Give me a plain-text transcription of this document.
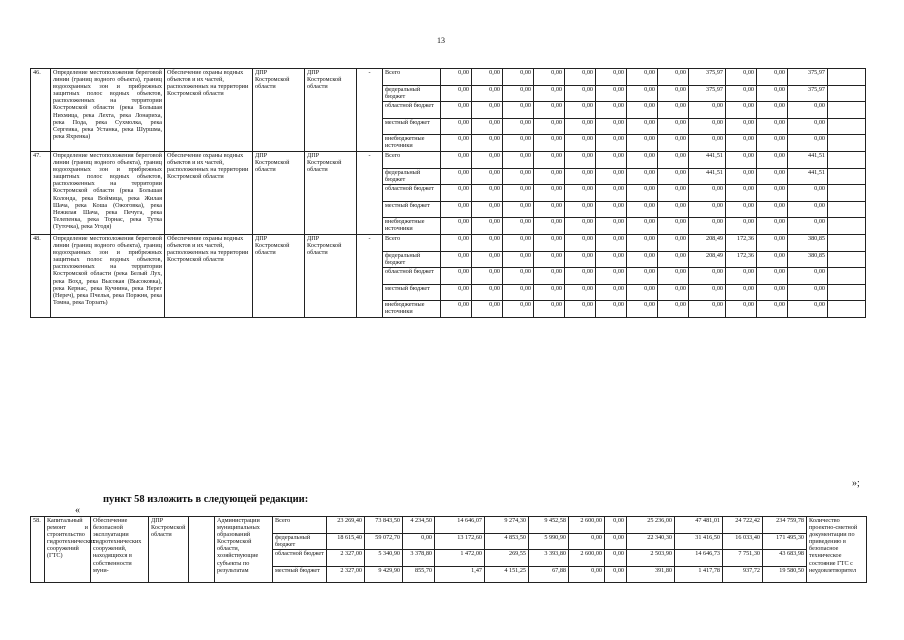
13
46.	Определение местоположения береговой линии (границ водного объекта), границ водоохранных зон и прибрежных защитных полос водных объектов, расположенных на территории Костромской области (река Большая Нихмица, река Лехта, река Лонариха, река Пода, река Сухмолка, река Сергеика, река Устанка, река Шуршма, река Яхренка)	Обеспечение охраны водных объектов и их частей, расположенных на территории Костромской области	ДПР Костромской области	ДПР Костромской области	-	Всего	0,00	0,00	0,00	0,00	0,00	0,00	0,00	0,00	375,97	0,00	0,00	375,97	
						федеральный бюджет	0,00	0,00	0,00	0,00	0,00	0,00	0,00	0,00	375,97	0,00	0,00	375,97	
						областной бюджет	0,00	0,00	0,00	0,00	0,00	0,00	0,00	0,00	0,00	0,00	0,00	0,00	
						местный бюджет	0,00	0,00	0,00	0,00	0,00	0,00	0,00	0,00	0,00	0,00	0,00	0,00	
						внебюджетные источники	0,00	0,00	0,00	0,00	0,00	0,00	0,00	0,00	0,00	0,00	0,00	0,00	
47.	Определение местоположения береговой линии (границ водного объекта), границ водоохранных зон и прибрежных защитных полос водных объектов, расположенных на территории Костромской области (река Большая Колонда, река Воймица, река Жилая Шача, река Коша (Ожоговка), река Нежилая Шача, река Печуга, река Телепенка, река Торнас, река Тутка (Туточка), река Угодя)	Обеспечение охраны водных объектов и их частей, расположенных на территории Костромской области	ДПР Костромской области	ДПР Костромской области	-	Всего	0,00	0,00	0,00	0,00	0,00	0,00	0,00	0,00	441,51	0,00	0,00	441,51	
						федеральный бюджет	0,00	0,00	0,00	0,00	0,00	0,00	0,00	0,00	441,51	0,00	0,00	441,51	
						областной бюджет	0,00	0,00	0,00	0,00	0,00	0,00	0,00	0,00	0,00	0,00	0,00	0,00	
						местный бюджет	0,00	0,00	0,00	0,00	0,00	0,00	0,00	0,00	0,00	0,00	0,00	0,00	
						внебюджетные источники	0,00	0,00	0,00	0,00	0,00	0,00	0,00	0,00	0,00	0,00	0,00	0,00	
48.	Определение местоположения береговой линии (границ водного объекта), границ водоохранных зон и прибрежных защитных полос водных объектов, расположенных на территории Костромской области (река Белый Лух, река Вохд, река Высокая (Высоковка), река Кернас, река Кучнина, река Нерег (Нереч), река Пчелья, река Поржня, река Томна, река Торзать)	Обеспечение охраны водных объектов и их частей, расположенных на территории Костромской области	ДПР Костромской области	ДПР Костромской области	-	Всего	0,00	0,00	0,00	0,00	0,00	0,00	0,00	0,00	208,49	172,36	0,00	380,85	
						федеральный бюджет	0,00	0,00	0,00	0,00	0,00	0,00	0,00	0,00	208,49	172,36	0,00	380,85	
						областной бюджет	0,00	0,00	0,00	0,00	0,00	0,00	0,00	0,00	0,00	0,00	0,00	0,00	
						местный бюджет	0,00	0,00	0,00	0,00	0,00	0,00	0,00	0,00	0,00	0,00	0,00	0,00	
						внебюджетные источники	0,00	0,00	0,00	0,00	0,00	0,00	0,00	0,00	0,00	0,00	0,00	0,00	
»;
пункт 58 изложить в следующей редакции:
«
58.	Капитальный ремонт и строительство гидротехнических сооружений (ГТС)	Обеспечение безопасной эксплуатации гидротехнических сооружений, находящихся в собственности муни-	ДПР Костромской области		Администрации муниципальных образований Костромской области, хозяйствующие субъекты по результатам	Всего	23 269,40	73 843,50	4 234,50	14 646,07	9 274,30	9 452,58	2 600,00	0,00	25 236,00	47 481,01	24 722,42	234 759,78	Количество проектно-сметной документации по приведению в безопасное техническое состояние ГТС с неудовлетворител
						федеральный бюджет	18 615,40	59 072,70	0,00	13 172,60	4 853,50	5 990,90	0,00	0,00	22 340,30	31 416,50	16 033,40	171 495,30	
						областной бюджет	2 327,00	5 340,90	3 378,80	1 472,00	269,55	3 393,80	2 600,00	0,00	2 503,90	14 646,73	7 751,30	43 683,98	
						местный бюджет	2 327,00	9 429,90	855,70	1,47	4 151,25	67,88	0,00	0,00	391,80	1 417,78	937,72	19 580,50	
